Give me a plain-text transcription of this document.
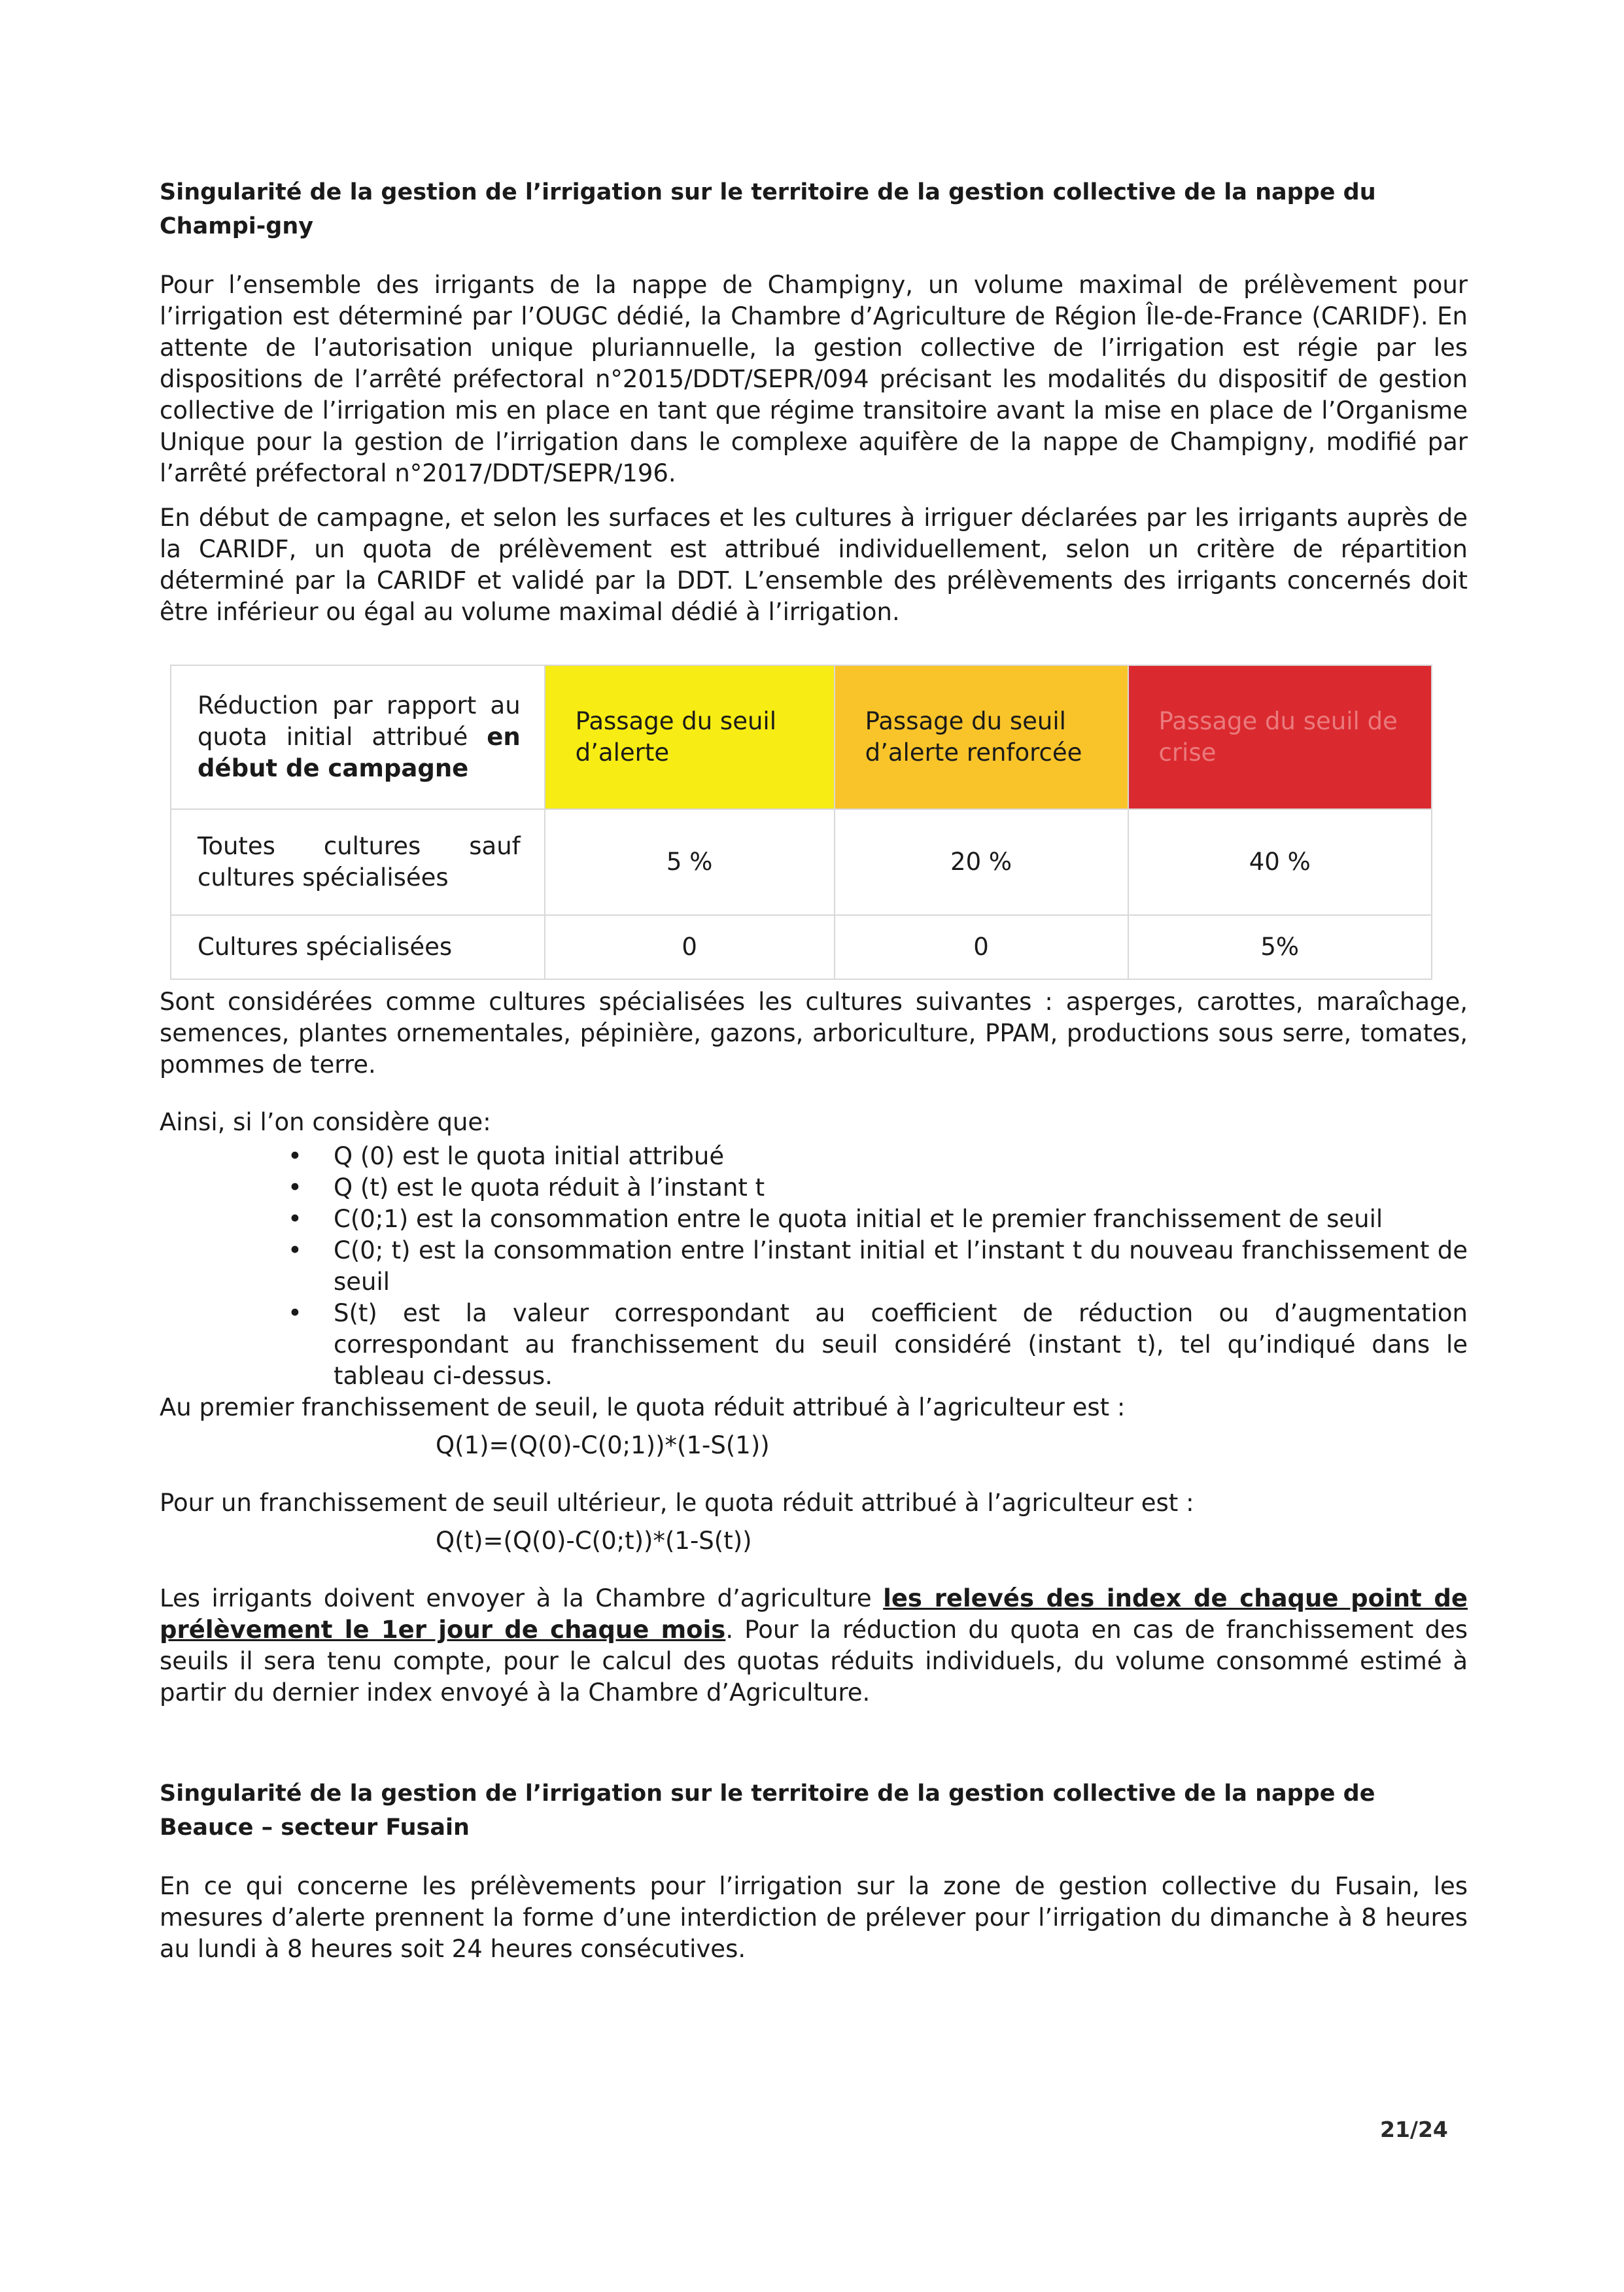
Singularité de la gestion de l’irrigation sur le territoire de la gestion collective de la nappe du Champi-gny

Pour l’ensemble des irrigants de la nappe de Champigny, un volume maximal de prélèvement pour l’irrigation est déterminé par l’OUGC dédié, la Chambre d’Agriculture de Région Île-de-France (CARIDF). En attente de l’autorisation unique pluriannuelle, la gestion collective de l’irrigation est régie par les dispositions de l’arrêté préfectoral n°2015/DDT/SEPR/094 précisant les modalités du dispositif de gestion collective de l’irrigation mis en place en tant que régime transitoire avant la mise en place de l’Organisme Unique pour la gestion de l’irrigation dans le complexe aquifère de la nappe de Champigny, modifié par l’arrêté préfectoral n°2017/DDT/SEPR/196.

En début de campagne, et selon les surfaces et les cultures à irriguer déclarées par les irrigants auprès de la CARIDF, un quota de prélèvement est attribué individuellement, selon un critère de répartition déterminé par la CARIDF et validé par la DDT. L’ensemble des prélèvements des irrigants concernés doit être inférieur ou égal au volume maximal dédié à l’irrigation.

Réduction par rapport au quota initial attribué en début de campagne	Passage du seuil d’alerte	Passage du seuil d’alerte renforcée	Passage du seuil de crise

Toutes cultures sauf cultures spécialisées	5 %	20 %	40 %
Cultures spécialisées	0	0	5%

Sont considérées comme cultures spécialisées les cultures suivantes : asperges, carottes, maraîchage, semences, plantes ornementales, pépinière, gazons, arboriculture, PPAM, productions sous serre, tomates, pommes de terre.

Ainsi, si l’on considère que:

• Q (0) est le quota initial attribué
• Q (t) est le quota réduit à l’instant t
• C(0;1) est la consommation entre le quota initial et le premier franchissement de seuil
• C(0; t) est la consommation entre l’instant initial et l’instant t du nouveau franchissement de seuil
• S(t) est la valeur correspondant au coefficient de réduction ou d’augmentation correspondant au franchissement du seuil considéré (instant t), tel qu’indiqué dans le tableau ci-dessus.

Au premier franchissement de seuil, le quota réduit attribué à l’agriculteur est :

Q(1)=(Q(0)-C(0;1))*(1-S(1))

Pour un franchissement de seuil ultérieur, le quota réduit attribué à l’agriculteur est :

Q(t)=(Q(0)-C(0;t))*(1-S(t))

Les irrigants doivent envoyer à la Chambre d’agriculture les relevés des index de chaque point de prélèvement le 1er jour de chaque mois. Pour la réduction du quota en cas de franchissement des seuils il sera tenu compte, pour le calcul des quotas réduits individuels, du volume consommé estimé à partir du dernier index envoyé à la Chambre d’Agriculture.

Singularité de la gestion de l’irrigation sur le territoire de la gestion collective de la nappe de Beauce – secteur Fusain

En ce qui concerne les prélèvements pour l’irrigation sur la zone de gestion collective du Fusain, les mesures d’alerte prennent la forme d’une interdiction de prélever pour l’irrigation du dimanche à 8 heures au lundi à 8 heures soit 24 heures consécutives.

21/24
